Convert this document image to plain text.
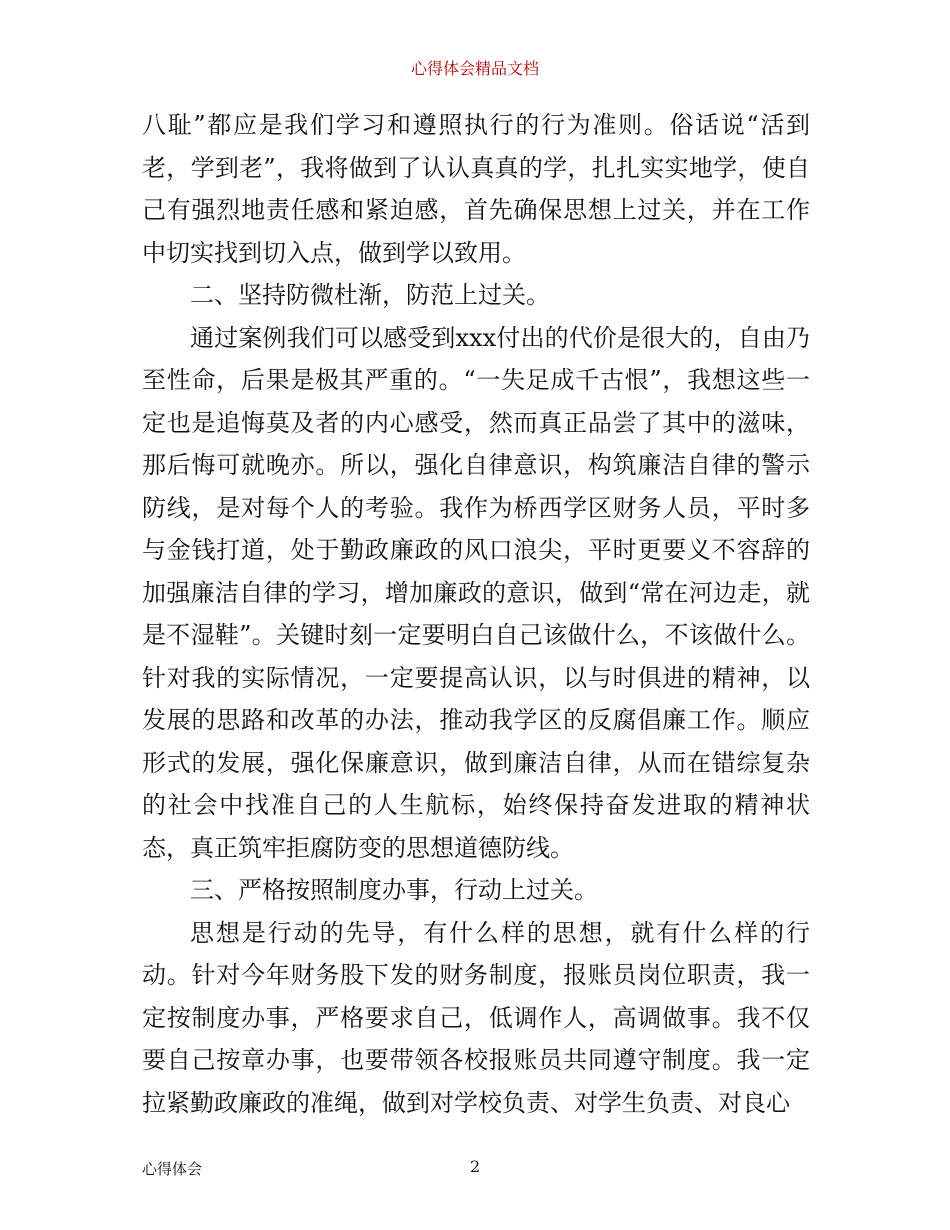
心得体会精品文档

八耻”都应是我们学习和遵照执行的行为准则。俗话说“活到老，学到老”，我将做到了认认真真的学，扎扎实实地学，使自己有强烈地责任感和紧迫感，首先确保思想上过关，并在工作中切实找到切入点，做到学以致用。

二、坚持防微杜渐，防范上过关。

通过案例我们可以感受到xxx付出的代价是很大的，自由乃至性命，后果是极其严重的。“一失足成千古恨”，我想这些一定也是追悔莫及者的内心感受，然而真正品尝了其中的滋味，那后悔可就晚亦。所以，强化自律意识，构筑廉洁自律的警示防线，是对每个人的考验。我作为桥西学区财务人员，平时多与金钱打道，处于勤政廉政的风口浪尖，平时更要义不容辞的加强廉洁自律的学习，增加廉政的意识，做到“常在河边走，就是不湿鞋”。关键时刻一定要明白自己该做什么，不该做什么。针对我的实际情况，一定要提高认识，以与时俱进的精神，以发展的思路和改革的办法，推动我学区的反腐倡廉工作。顺应形式的发展，强化保廉意识，做到廉洁自律，从而在错综复杂的社会中找准自己的人生航标，始终保持奋发进取的精神状态，真正筑牢拒腐防变的思想道德防线。

三、严格按照制度办事，行动上过关。

思想是行动的先导，有什么样的思想，就有什么样的行动。针对今年财务股下发的财务制度，报账员岗位职责，我一定按制度办事，严格要求自己，低调作人，高调做事。我不仅要自己按章办事，也要带领各校报账员共同遵守制度。我一定拉紧勤政廉政的准绳，做到对学校负责、对学生负责、对良心

心得体会	2
